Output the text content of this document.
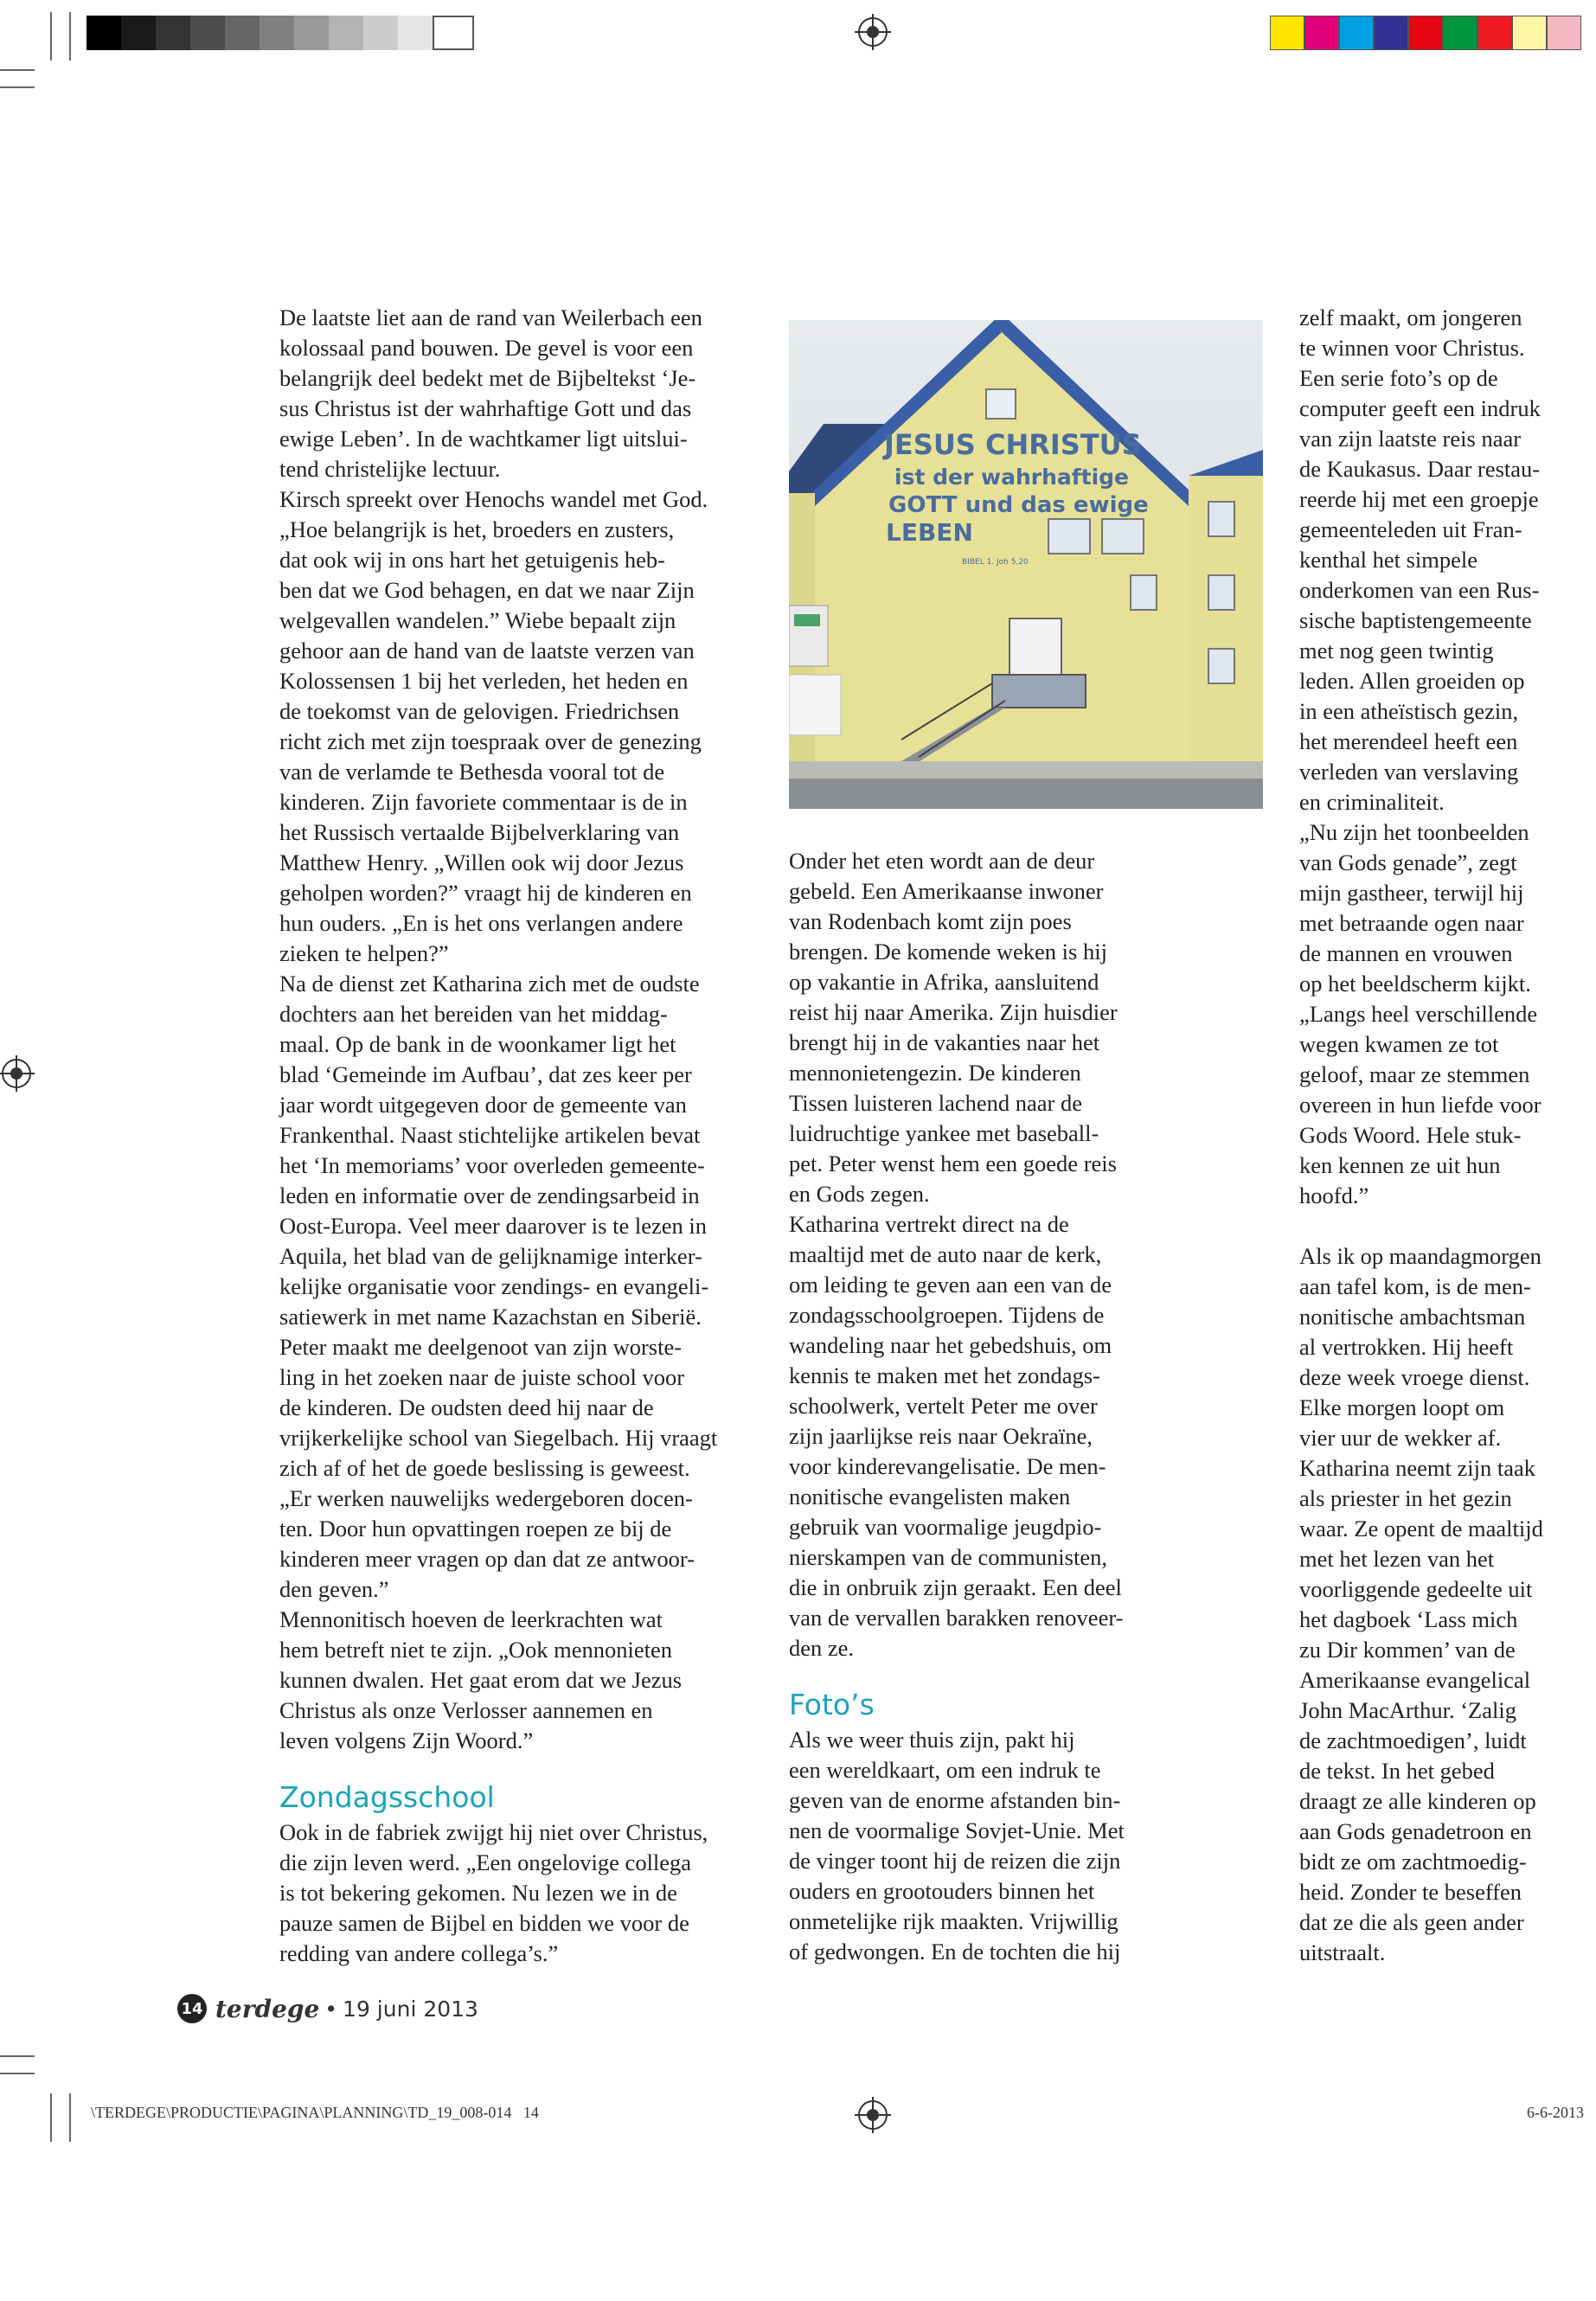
De laatste liet aan de rand van Weilerbach een
kolossaal pand bouwen. De gevel is voor een
belangrijk deel bedekt met de Bijbeltekst ‘Je-
sus Christus ist der wahrhaftige Gott und das
ewige Leben’. In de wachtkamer ligt uitslui-
tend christelijke lectuur.
Kirsch spreekt over Henochs wandel met God.
„Hoe belangrijk is het, broeders en zusters,
dat ook wij in ons hart het getuigenis heb-
ben dat we God behagen, en dat we naar Zijn
welgevallen wandelen.” Wiebe bepaalt zijn
gehoor aan de hand van de laatste verzen van
Kolossensen 1 bij het verleden, het heden en
de toekomst van de gelovigen. Friedrichsen
richt zich met zijn toespraak over de genezing
van de verlamde te Bethesda vooral tot de
kinderen. Zijn favoriete commentaar is de in
het Russisch vertaalde Bijbelverklaring van
Matthew Henry. „Willen ook wij door Jezus
geholpen worden?” vraagt hij de kinderen en
hun ouders. „En is het ons verlangen andere
zieken te helpen?”
Na de dienst zet Katharina zich met de oudste
dochters aan het bereiden van het middag-
maal. Op de bank in de woonkamer ligt het
blad ‘Gemeinde im Aufbau’, dat zes keer per
jaar wordt uitgegeven door de gemeente van
Frankenthal. Naast stichtelijke artikelen bevat
het ‘In memoriams’ voor overleden gemeente-
leden en informatie over de zendingsarbeid in
Oost-Europa. Veel meer daarover is te lezen in
Aquila, het blad van de gelijknamige interker-
kelijke organisatie voor zendings- en evangeli-
satiewerk in met name Kazachstan en Siberië.
Peter maakt me deelgenoot van zijn worste-
ling in het zoeken naar de juiste school voor
de kinderen. De oudsten deed hij naar de
vrijkerkelijke school van Siegelbach. Hij vraagt
zich af of het de goede beslissing is geweest.
„Er werken nauwelijks wedergeboren docen-
ten. Door hun opvattingen roepen ze bij de
kinderen meer vragen op dan dat ze antwoor-
den geven.”
Mennonitisch hoeven de leerkrachten wat
hem betreft niet te zijn. „Ook mennonieten
kunnen dwalen. Het gaat erom dat we Jezus
Christus als onze Verlosser aannemen en
leven volgens Zijn Woord.”

Zondagsschool

Ook in de fabriek zwijgt hij niet over Christus,
die zijn leven werd. „Een ongelovige collega
is tot bekering gekomen. Nu lezen we in de
pauze samen de Bijbel en bidden we voor de
redding van andere collega’s.”

JESUS CHRISTUS
ist der wahrhaftige
GOTT und das ewige
LEBEN
BIBEL 1. Joh 5,20

Onder het eten wordt aan de deur
gebeld. Een Amerikaanse inwoner
van Rodenbach komt zijn poes
brengen. De komende weken is hij
op vakantie in Afrika, aansluitend
reist hij naar Amerika. Zijn huisdier
brengt hij in de vakanties naar het
mennonietengezin. De kinderen
Tissen luisteren lachend naar de
luidruchtige yankee met baseball-
pet. Peter wenst hem een goede reis
en Gods zegen.
Katharina vertrekt direct na de
maaltijd met de auto naar de kerk,
om leiding te geven aan een van de
zondagsschoolgroepen. Tijdens de
wandeling naar het gebedshuis, om
kennis te maken met het zondags-
schoolwerk, vertelt Peter me over
zijn jaarlijkse reis naar Oekraïne,
voor kinderevangelisatie. De men-
nonitische evangelisten maken
gebruik van voormalige jeugdpio-
nierskampen van de communisten,
die in onbruik zijn geraakt. Een deel
van de vervallen barakken renoveer-
den ze.

Foto’s

Als we weer thuis zijn, pakt hij
een wereldkaart, om een indruk te
geven van de enorme afstanden bin-
nen de voormalige Sovjet-Unie. Met
de vinger toont hij de reizen die zijn
ouders en grootouders binnen het
onmetelijke rijk maakten. Vrijwillig
of gedwongen. En de tochten die hij

zelf maakt, om jongeren
te winnen voor Christus.
Een serie foto’s op de
computer geeft een indruk
van zijn laatste reis naar
de Kaukasus. Daar restau-
reerde hij met een groepje
gemeenteleden uit Fran-
kenthal het simpele
onderkomen van een Rus-
sische baptistengemeente
met nog geen twintig
leden. Allen groeiden op
in een atheïstisch gezin,
het merendeel heeft een
verleden van verslaving
en criminaliteit.
„Nu zijn het toonbeelden
van Gods genade”, zegt
mijn gastheer, terwijl hij
met betraande ogen naar
de mannen en vrouwen
op het beeldscherm kijkt.
„Langs heel verschillende
wegen kwamen ze tot
geloof, maar ze stemmen
overeen in hun liefde voor
Gods Woord. Hele stuk-
ken kennen ze uit hun
hoofd.”

Als ik op maandagmorgen
aan tafel kom, is de men-
nonitische ambachtsman
al vertrokken. Hij heeft
deze week vroege dienst.
Elke morgen loopt om
vier uur de wekker af.
Katharina neemt zijn taak
als priester in het gezin
waar. Ze opent de maaltijd
met het lezen van het
voorliggende gedeelte uit
het dagboek ‘Lass mich
zu Dir kommen’ van de
Amerikaanse evangelical
John MacArthur. ‘Zalig
de zachtmoedigen’, luidt
de tekst. In het gebed
draagt ze alle kinderen op
aan Gods genadetroon en
bidt ze om zachtmoedig-
heid. Zonder te beseffen
dat ze die als geen ander
uitstraalt.

14 terdege • 19 juni 2013
\TERDEGE\PRODUCTIE\PAGINA\PLANNING\TD_19_008-014   14	6-6-2013
